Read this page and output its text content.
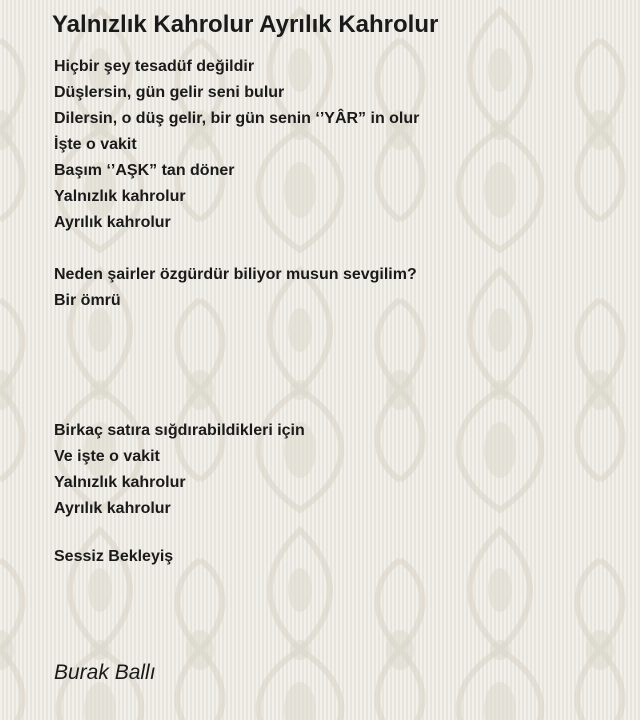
Yalnızlık Kahrolur Ayrılık Kahrolur
Hiçbir şey tesadüf değildir
Düşlersin, gün gelir seni bulur
Dilersin, o düş gelir, bir gün senin ‘’YÂR” in olur
İşte o vakit
Başım ‘’AŞK” tan döner
Yalnızlık kahrolur
Ayrılık kahrolur
Neden şairler özgürdür biliyor musun sevgilim?
Bir ömrü
Birkaç satıra sığdırabildikleri için
Ve işte o vakit
Yalnızlık kahrolur
Ayrılık kahrolur
Sessiz Bekleyiş
Burak Ballı
